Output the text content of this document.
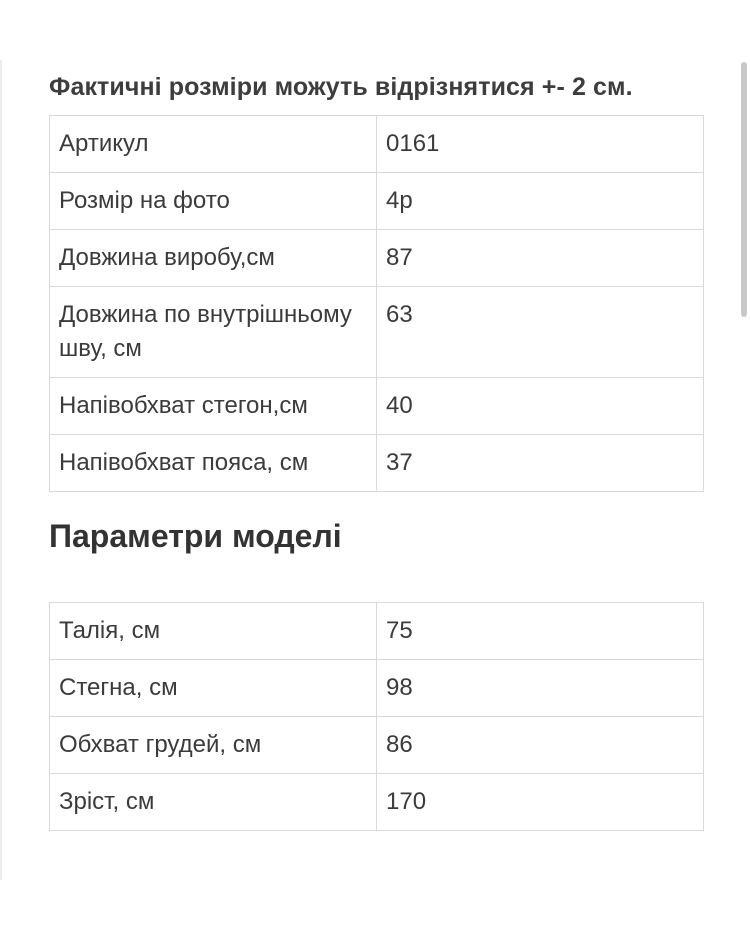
Фактичні розміри можуть відрізнятися +- 2 см.

Артикул	0161
Розмір на фото	4р
Довжина виробу,см	87
Довжина по внутрішньому шву, см	63
Напівобхват стегон,см	40
Напівобхват пояса, см	37
Параметри моделі
Талія, см	75
Стегна, см	98
Обхват грудей, см	86
Зріст, см	170
